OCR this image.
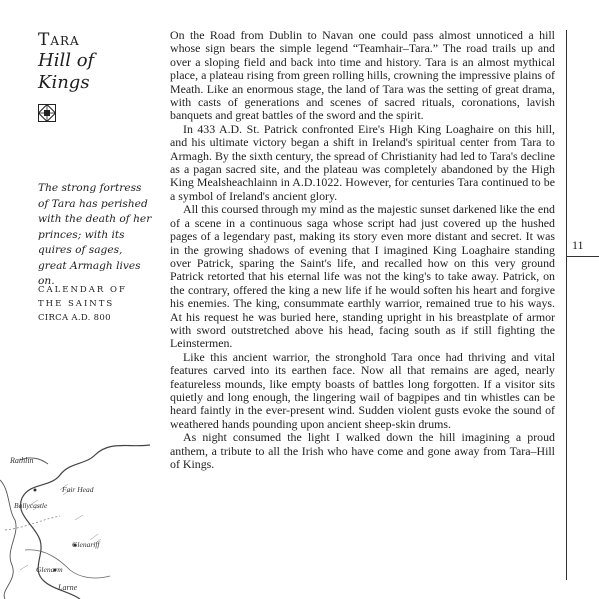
Tara

Hill of Kings

The strong fortress of Tara has perished with the death of her princes; with its quires of sages, great Armagh lives on.
CALENDAR OF
THE SAINTS
CIRCA A.D. 800

On the Road from Dublin to Navan one could pass almost unnoticed a hill whose sign bears the simple legend “Teamhair–Tara.” The road trails up and over a sloping field and back into time and history. Tara is an almost mythical place, a plateau rising from green rolling hills, crowning the impressive plains of Meath. Like an enormous stage, the land of Tara was the setting of great drama, with casts of generations and scenes of sacred rituals, coronations, lavish banquets and great battles of the sword and the spirit.

In 433 A.D. St. Patrick confronted Eire's High King Loaghaire on this hill, and his ultimate victory began a shift in Ireland's spiritual center from Tara to Armagh. By the sixth century, the spread of Christianity had led to Tara's decline as a pagan sacred site, and the plateau was completely abandoned by the High King Mealsheachlainn in A.D.1022. However, for centuries Tara continued to be a symbol of Ireland's ancient glory.

All this coursed through my mind as the majestic sunset darkened like the end of a scene in a continuous saga whose script had just covered up the hushed pages of a legendary past, making its story even more distant and secret. It was in the growing shadows of evening that I imagined King Loaghaire standing over Patrick, sparing the Saint's life, and recalled how on this very ground Patrick retorted that his eternal life was not the king's to take away. Patrick, on the contrary, offered the king a new life if he would soften his heart and forgive his enemies. The king, consummate earthly warrior, remained true to his ways. At his request he was buried here, standing upright in his breastplate of armor with sword outstretched above his head, facing south as if still fighting the Leinstermen.

Like this ancient warrior, the stronghold Tara once had thriving and vital features carved into its earthen face. Now all that remains are aged, nearly featureless mounds, like empty boasts of battles long forgotten. If a visitor sits quietly and long enough, the lingering wail of bagpipes and tin whistles can be heard faintly in the ever-present wind. Sudden violent gusts evoke the sound of weathered hands pounding upon ancient sheep-skin drums.

As night consumed the light I walked down the hill imagining a proud anthem, a tribute to all the Irish who have come and gone away from Tara–Hill of Kings.

11
Rathlin
Fair Head
Ballycastle
Glenariff
Glenarm
Larne
